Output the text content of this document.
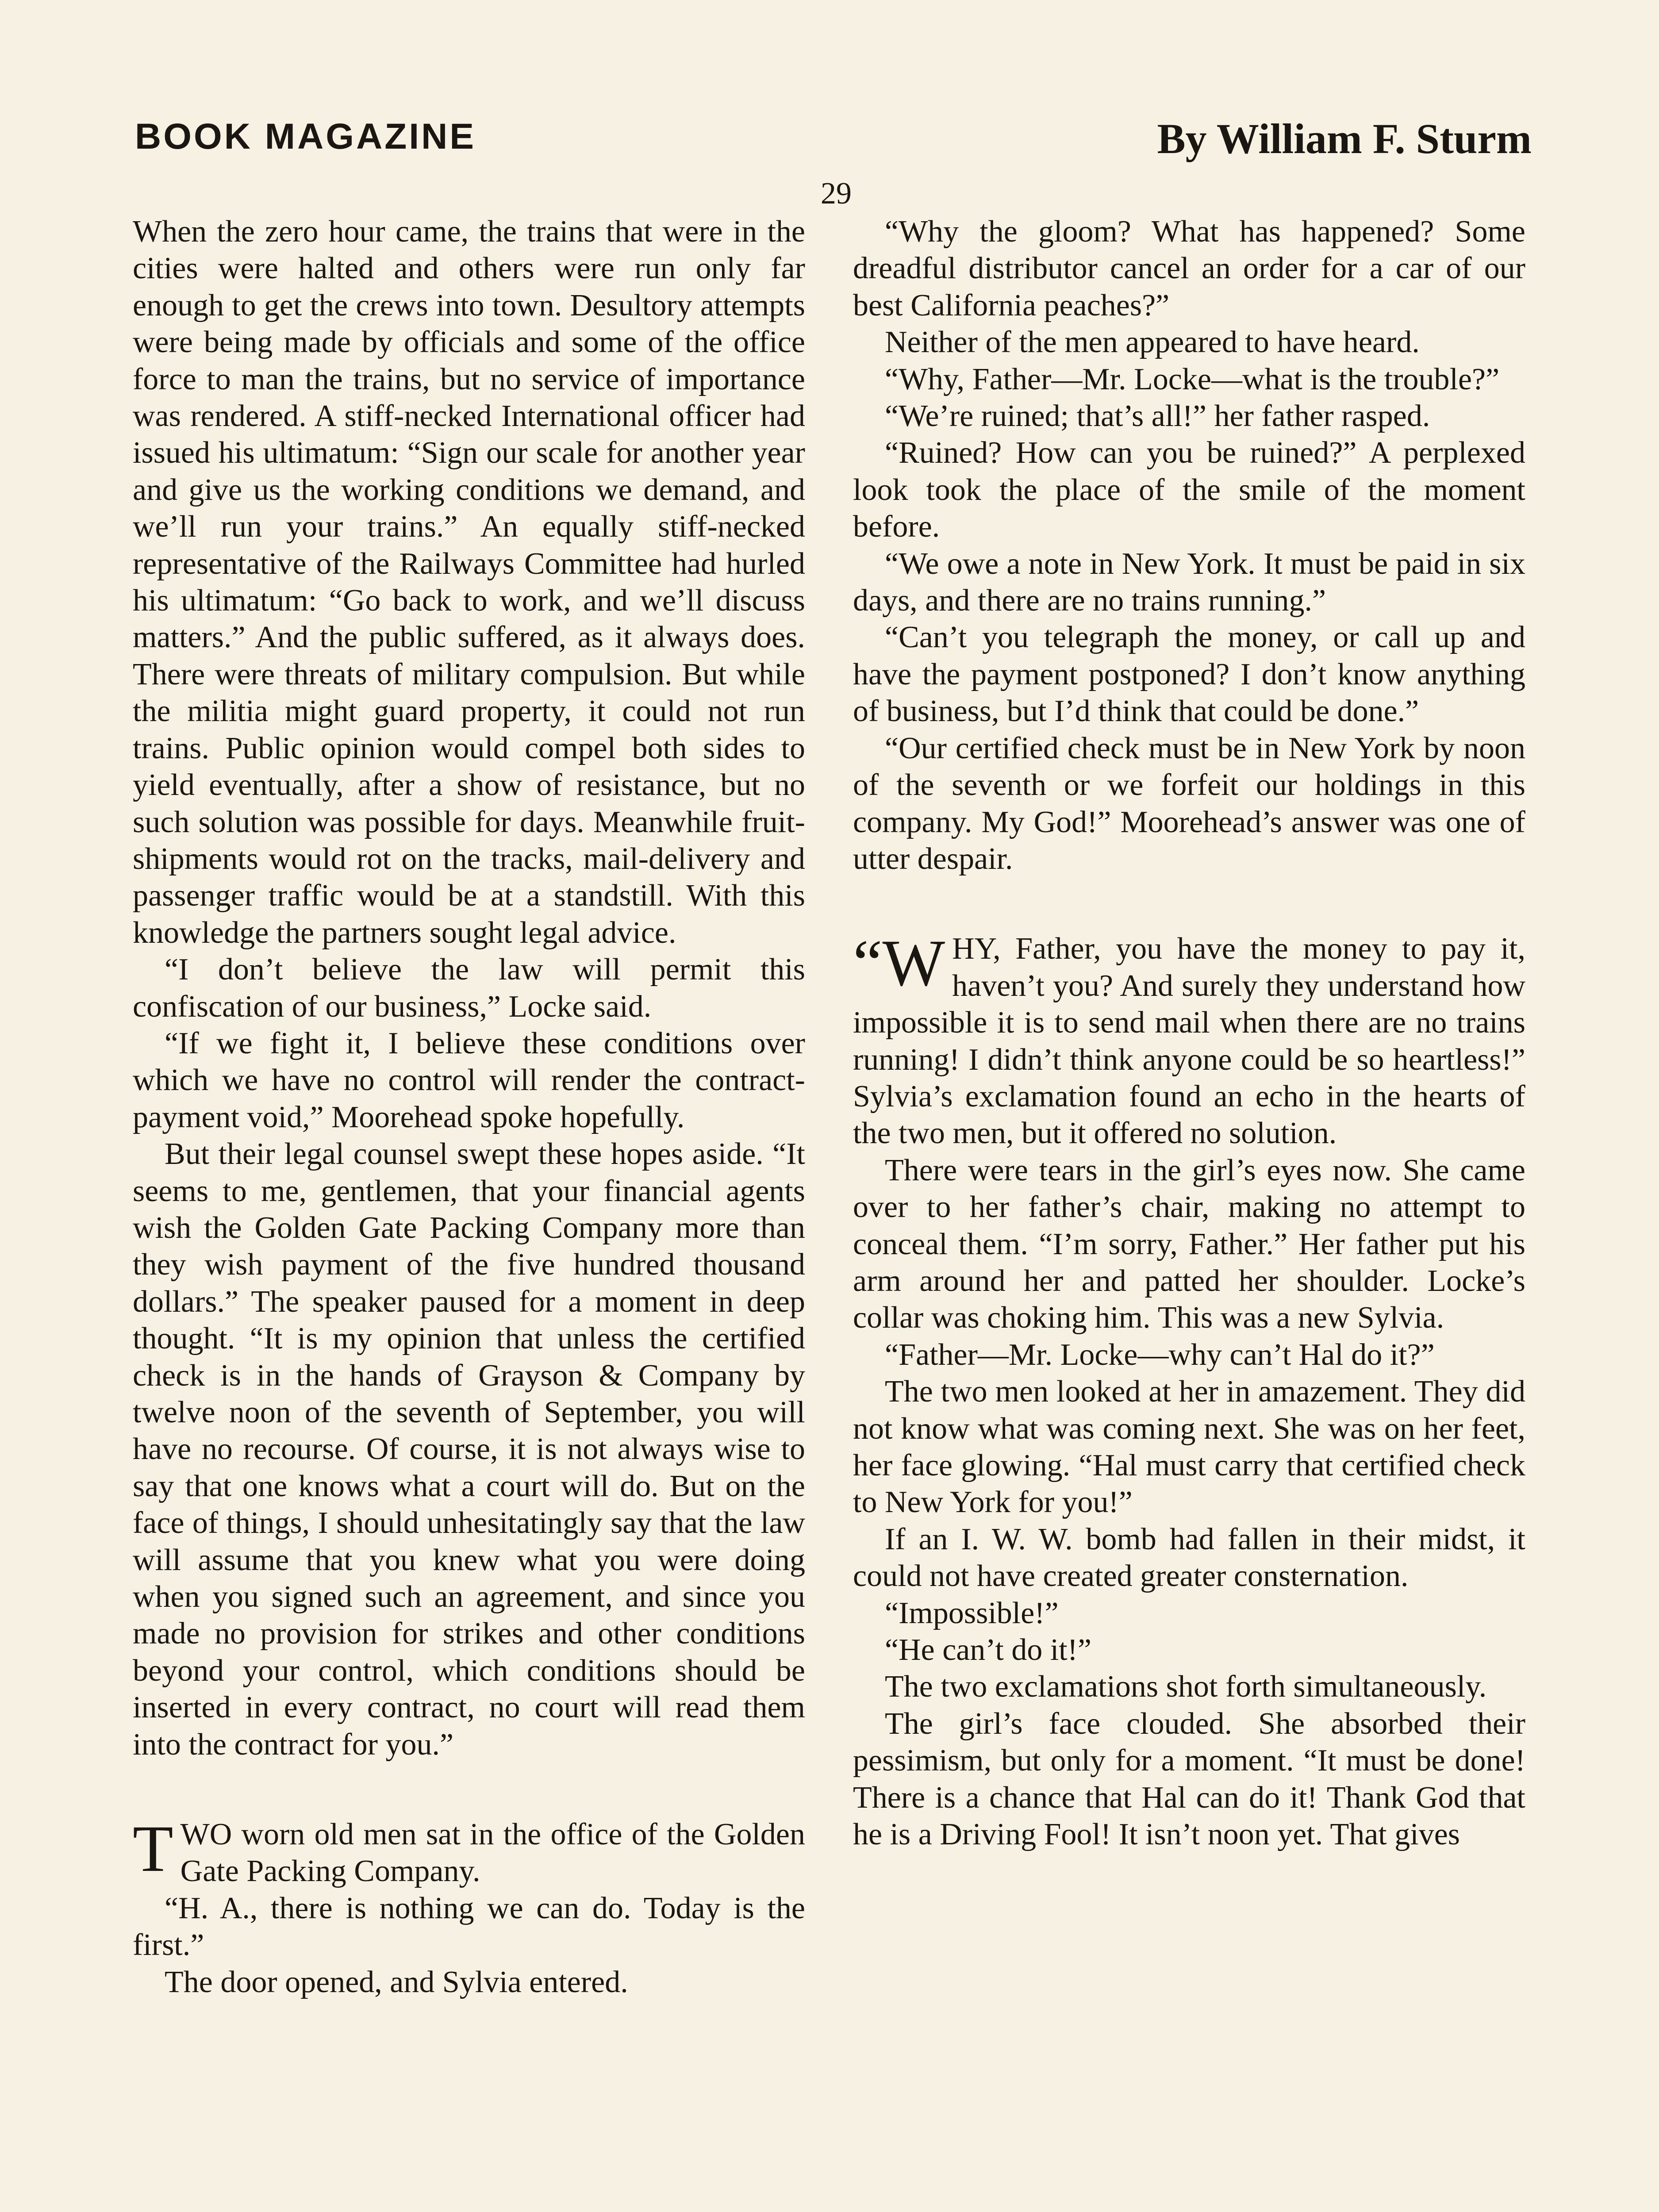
BOOK MAGAZINE	By William F. Sturm
29

When the zero hour came, the trains that were in the cities were halted and others were run only far enough to get the crews into town. Desultory attempts were being made by officials and some of the office force to man the trains, but no service of importance was rendered. A stiff-necked International officer had issued his ultimatum: “Sign our scale for another year and give us the working conditions we demand, and we’ll run your trains.” An equally stiff-necked representative of the Railways Committee had hurled his ultimatum: “Go back to work, and we’ll discuss matters.” And the public suffered, as it always does. There were threats of military compulsion. But while the militia might guard property, it could not run trains. Public opinion would compel both sides to yield eventually, after a show of resistance, but no such solution was possible for days. Meanwhile fruit-shipments would rot on the tracks, mail-delivery and passenger traffic would be at a standstill. With this knowledge the partners sought legal advice.

“I don’t believe the law will permit this confiscation of our business,” Locke said.

“If we fight it, I believe these conditions over which we have no control will render the contract-payment void,” Moorehead spoke hopefully.

But their legal counsel swept these hopes aside. “It seems to me, gentlemen, that your financial agents wish the Golden Gate Packing Company more than they wish payment of the five hundred thousand dollars.” The speaker paused for a moment in deep thought. “It is my opinion that unless the certified check is in the hands of Grayson & Company by twelve noon of the seventh of September, you will have no recourse. Of course, it is not always wise to say that one knows what a court will do. But on the face of things, I should unhesitatingly say that the law will assume that you knew what you were doing when you signed such an agreement, and since you made no provision for strikes and other conditions beyond your control, which conditions should be inserted in every contract, no court will read them into the contract for you.”

TWO worn old men sat in the office of the Golden Gate Packing Company.

“H. A., there is nothing we can do. Today is the first.”

The door opened, and Sylvia entered.

“Why the gloom? What has happened? Some dreadful distributor cancel an order for a car of our best California peaches?”

Neither of the men appeared to have heard.

“Why, Father—Mr. Locke—what is the trouble?”

“We’re ruined; that’s all!” her father rasped.

“Ruined? How can you be ruined?” A perplexed look took the place of the smile of the moment before.

“We owe a note in New York. It must be paid in six days, and there are no trains running.”

“Can’t you telegraph the money, or call up and have the payment postponed? I don’t know anything of business, but I’d think that could be done.”

“Our certified check must be in New York by noon of the seventh or we forfeit our holdings in this company. My God!” Moorehead’s answer was one of utter despair.

“WHY, Father, you have the money to pay it, haven’t you? And surely they understand how impossible it is to send mail when there are no trains running! I didn’t think anyone could be so heartless!” Sylvia’s exclamation found an echo in the hearts of the two men, but it offered no solution.

There were tears in the girl’s eyes now. She came over to her father’s chair, making no attempt to conceal them. “I’m sorry, Father.” Her father put his arm around her and patted her shoulder. Locke’s collar was choking him. This was a new Sylvia.

“Father—Mr. Locke—why can’t Hal do it?”

The two men looked at her in amazement. They did not know what was coming next. She was on her feet, her face glowing. “Hal must carry that certified check to New York for you!”

If an I. W. W. bomb had fallen in their midst, it could not have created greater consternation.

“Impossible!”

“He can’t do it!”

The two exclamations shot forth simultaneously.

The girl’s face clouded. She absorbed their pessimism, but only for a moment. “It must be done! There is a chance that Hal can do it! Thank God that he is a Driving Fool! It isn’t noon yet. That gives
